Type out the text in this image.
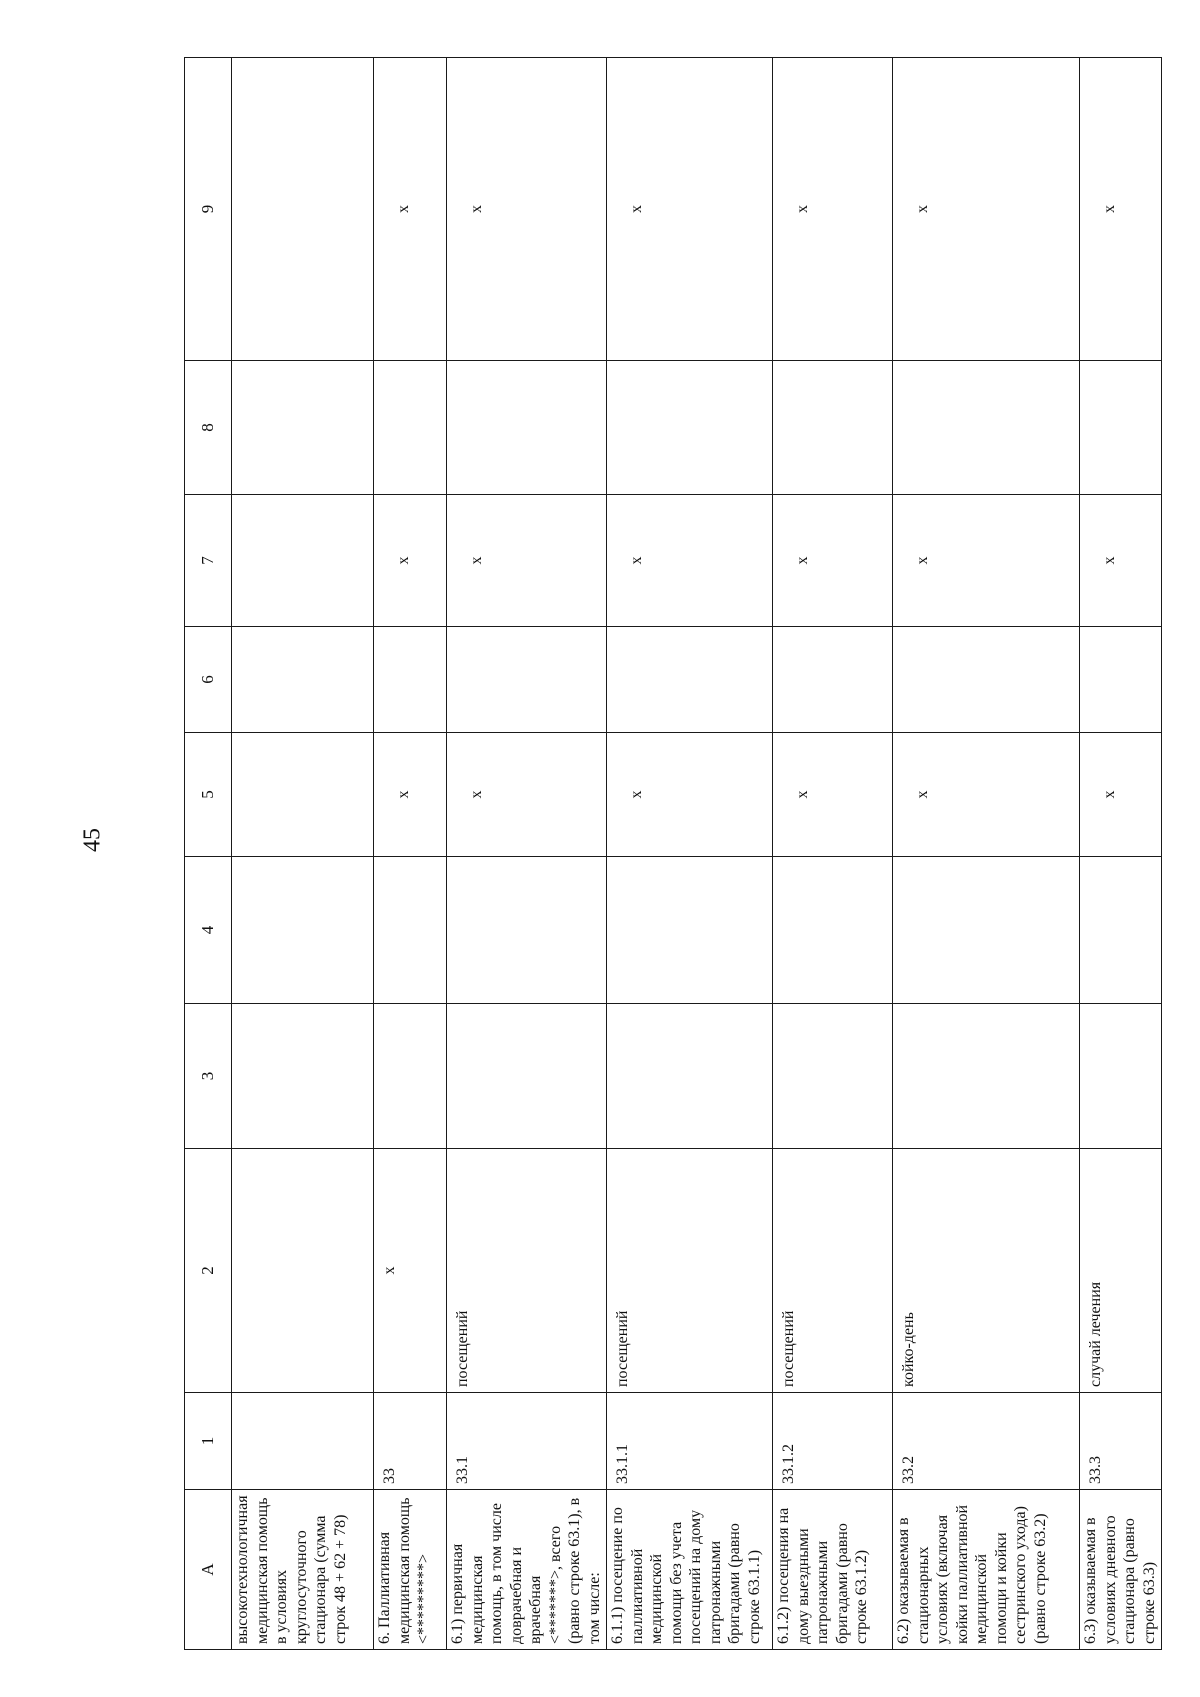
45
А	1	2	3	4	5	6	7	8	9
высокотехнологичная медицинская помощь в условиях круглосуточного стационара (сумма строк 48 + 62 + 78)									
6. Паллиативная медицинская помощь <*********>	33	х			х		х		х
6.1) первичная медицинская помощь, в том числе доврачебная и врачебная <*******>, всего (равно строке 63.1), в том числе:	33.1	посещений			х		х		х
6.1.1) посещение по паллиативной медицинской помощи без учета посещений на дому патронажными бригадами (равно строке 63.1.1)	33.1.1	посещений			х		х		х
6.1.2) посещения на дому выездными патронажными бригадами (равно строке 63.1.2)	33.1.2	посещений			х		х		х
6.2) оказываемая в стационарных условиях (включая койки паллиативной медицинской помощи и койки сестринского ухода) (равно строке 63.2)	33.2	койко-день			х		х		х
6.3) оказываемая в условиях дневного стационара (равно строке 63.3)	33.3	случай лечения			х		х		х
